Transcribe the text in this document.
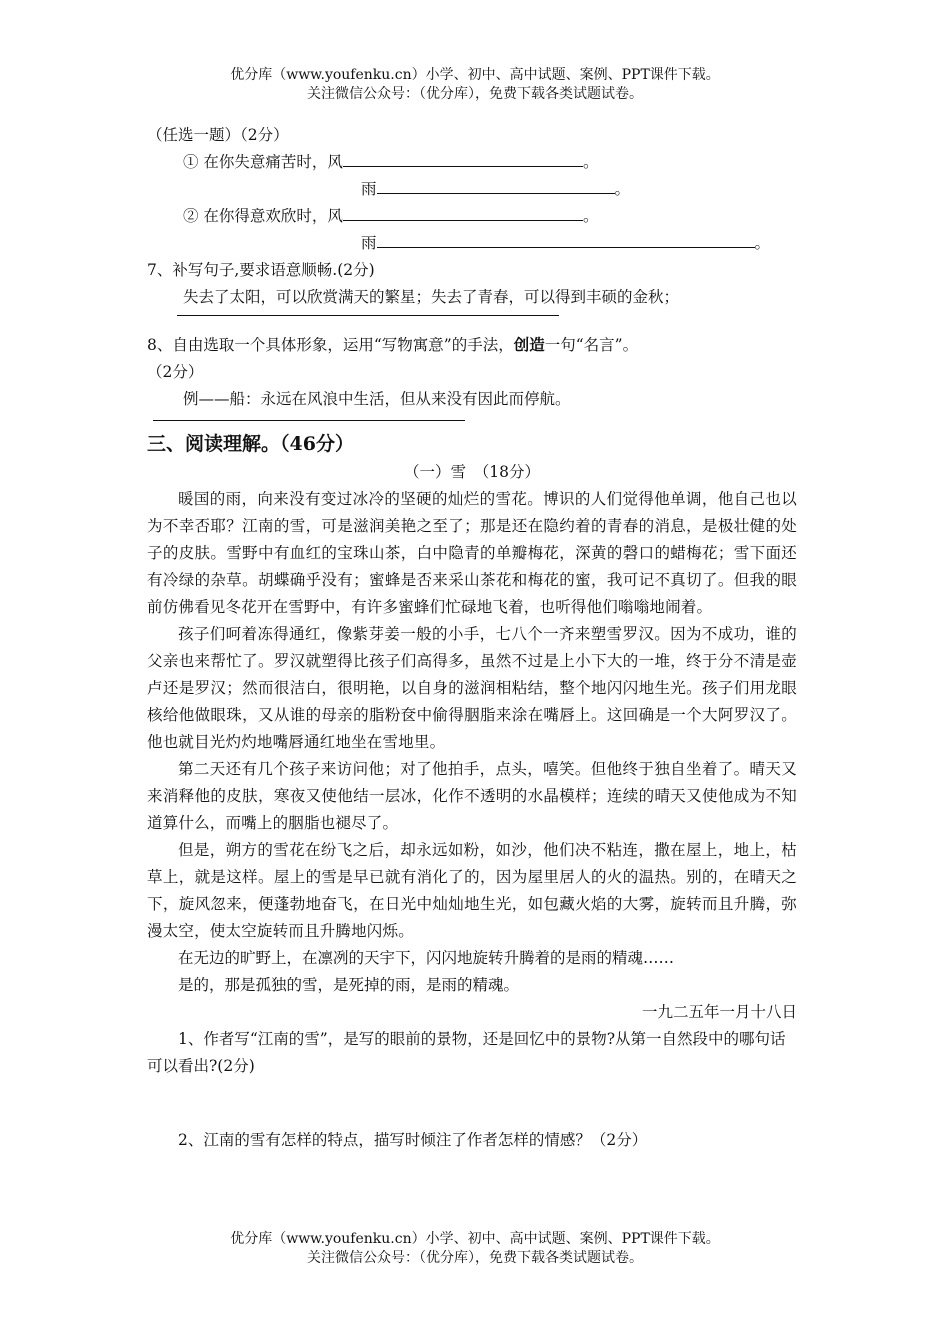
优分库（www.youfenku.cn）小学、初中、高中试题、案例、PPT课件下载。
关注微信公众号：（优分库），免费下载各类试题试卷。
（任选一题）（2分）
① 在你失意痛苦时，风	。
雨	。
② 在你得意欢欣时，风	。
雨	。
7、补写句子,要求语意顺畅.(2分)
失去了太阳，可以欣赏满天的繁星；失去了青春，可以得到丰硕的金秋；
8、自由选取一个具体形象，运用“写物寓意”的手法，创造一句“名言”。
（2分）
例——船：永远在风浪中生活，但从来没有因此而停航。
三、阅读理解。（46分）
（一）雪　（18分）
暖国的雨，向来没有变过冰冷的坚硬的灿烂的雪花。博识的人们觉得他单调，他自己也以为不幸否耶？江南的雪，可是滋润美艳之至了；那是还在隐约着的青春的消息，是极壮健的处子的皮肤。雪野中有血红的宝珠山茶，白中隐青的单瓣梅花，深黄的磬口的蜡梅花；雪下面还有冷绿的杂草。胡蝶确乎没有；蜜蜂是否来采山茶花和梅花的蜜，我可记不真切了。但我的眼前仿佛看见冬花开在雪野中，有许多蜜蜂们忙碌地飞着，也听得他们嗡嗡地闹着。
孩子们呵着冻得通红，像紫芽姜一般的小手，七八个一齐来塑雪罗汉。因为不成功，谁的父亲也来帮忙了。罗汉就塑得比孩子们高得多，虽然不过是上小下大的一堆，终于分不清是壶卢还是罗汉；然而很洁白，很明艳，以自身的滋润相粘结，整个地闪闪地生光。孩子们用龙眼核给他做眼珠，又从谁的母亲的脂粉奁中偷得胭脂来涂在嘴唇上。这回确是一个大阿罗汉了。他也就目光灼灼地嘴唇通红地坐在雪地里。
第二天还有几个孩子来访问他；对了他拍手，点头，嘻笑。但他终于独自坐着了。晴天又来消释他的皮肤，寒夜又使他结一层冰，化作不透明的水晶模样；连续的晴天又使他成为不知道算什么，而嘴上的胭脂也褪尽了。
但是，朔方的雪花在纷飞之后，却永远如粉，如沙，他们决不粘连，撒在屋上，地上，枯草上，就是这样。屋上的雪是早已就有消化了的，因为屋里居人的火的温热。别的，在晴天之下，旋风忽来，便蓬勃地奋飞，在日光中灿灿地生光，如包藏火焰的大雾，旋转而且升腾，弥漫太空，使太空旋转而且升腾地闪烁。
在无边的旷野上，在凛冽的天宇下，闪闪地旋转升腾着的是雨的精魂……
是的，那是孤独的雪，是死掉的雨，是雨的精魂。
一九二五年一月十八日
1、作者写“江南的雪”，是写的眼前的景物，还是回忆中的景物?从第一自然段中的哪句话可以看出?(2分)
2、江南的雪有怎样的特点，描写时倾注了作者怎样的情感？（2分）
优分库（www.youfenku.cn）小学、初中、高中试题、案例、PPT课件下载。
关注微信公众号：（优分库），免费下载各类试题试卷。
